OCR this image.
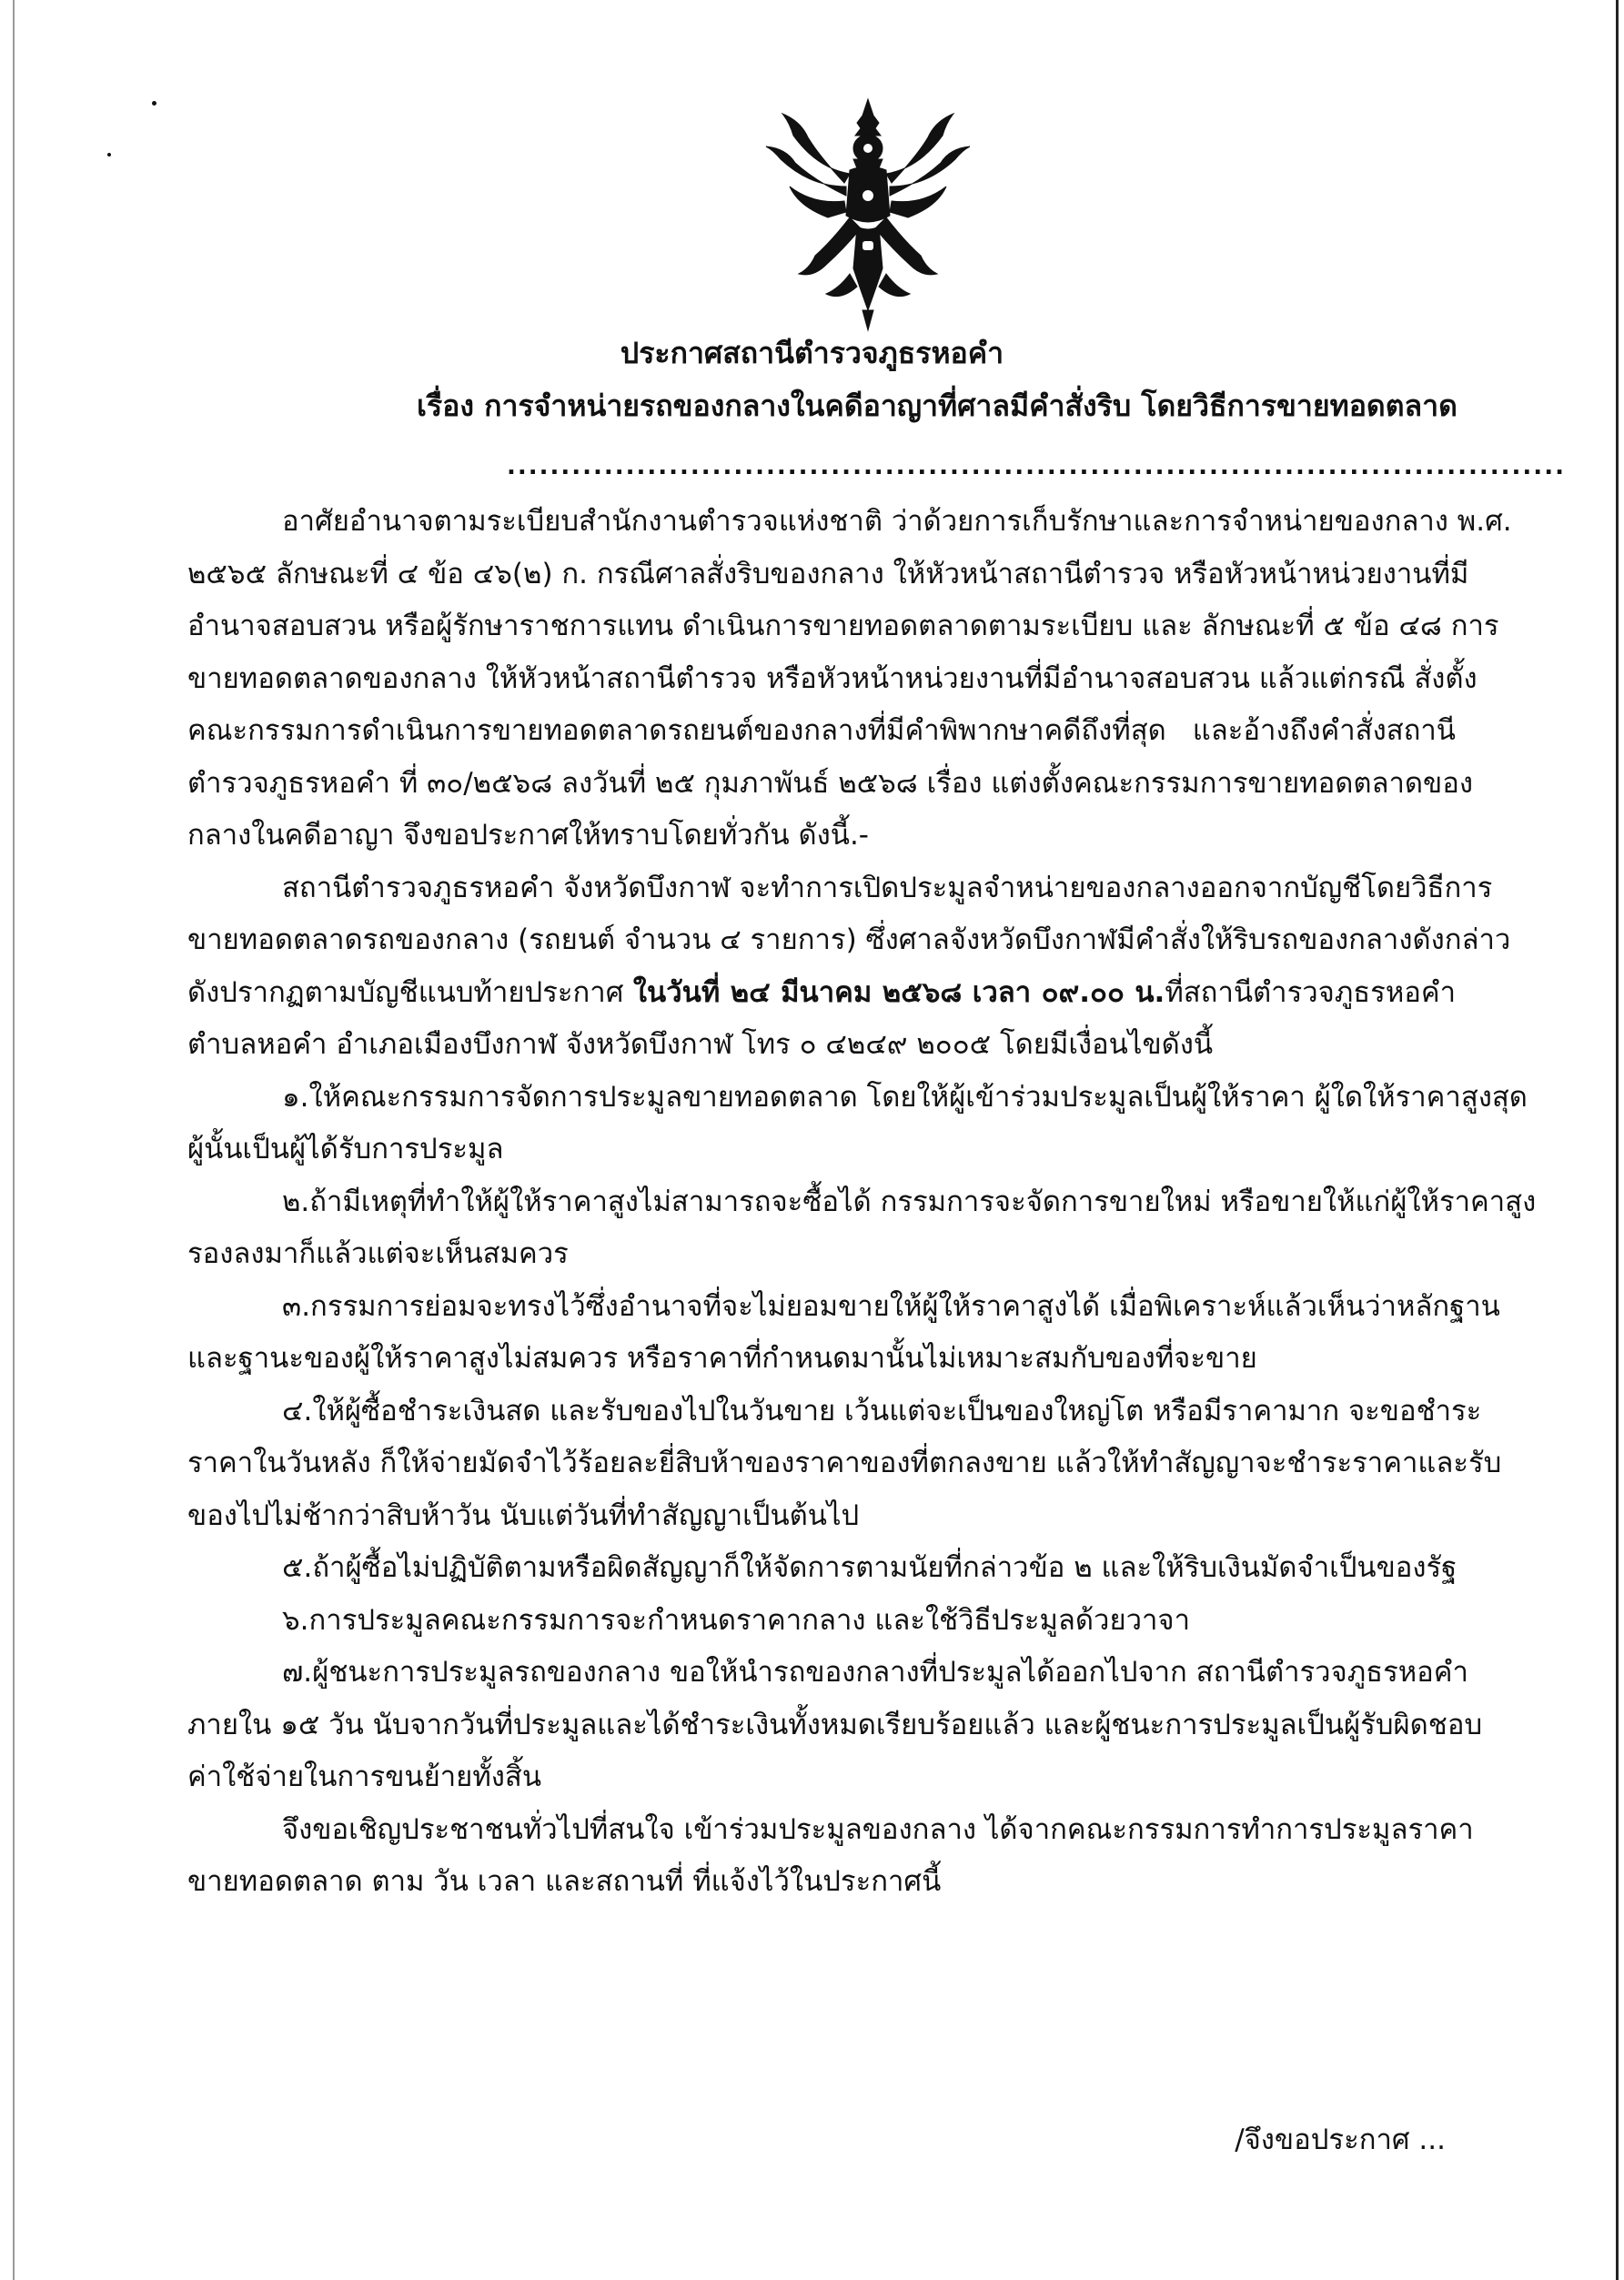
ประกาศสถานีตำรวจภูธรหอคำ
เรื่อง การจำหน่ายรถของกลางในคดีอาญาที่ศาลมีคำสั่งริบ โดยวิธีการขายทอดตลาด
..................................................................................................
อาศัยอำนาจตามระเบียบสำนักงานตำรวจแห่งชาติ ว่าด้วยการเก็บรักษาและการจำหน่ายของกลาง พ.ศ.
๒๕๖๕ ลักษณะที่ ๔ ข้อ ๔๖(๒) ก. กรณีศาลสั่งริบของกลาง ให้หัวหน้าสถานีตำรวจ หรือหัวหน้าหน่วยงานที่มี
อำนาจสอบสวน หรือผู้รักษาราชการแทน ดำเนินการขายทอดตลาดตามระเบียบ และ ลักษณะที่ ๕ ข้อ ๔๘ การ
ขายทอดตลาดของกลาง ให้หัวหน้าสถานีตำรวจ หรือหัวหน้าหน่วยงานที่มีอำนาจสอบสวน แล้วแต่กรณี สั่งตั้ง
คณะกรรมการดำเนินการขายทอดตลาดรถยนต์ของกลางที่มีคำพิพากษาคดีถึงที่สุด และอ้างถึงคำสั่งสถานี
ตำรวจภูธรหอคำ ที่ ๓๐/๒๕๖๘ ลงวันที่ ๒๕ กุมภาพันธ์ ๒๕๖๘ เรื่อง แต่งตั้งคณะกรรมการขายทอดตลาดของ
กลางในคดีอาญา จึงขอประกาศให้ทราบโดยทั่วกัน ดังนี้.-
สถานีตำรวจภูธรหอคำ จังหวัดบึงกาฬ จะทำการเปิดประมูลจำหน่ายของกลางออกจากบัญชีโดยวิธีการ
ขายทอดตลาดรถของกลาง (รถยนต์ จำนวน ๔ รายการ) ซึ่งศาลจังหวัดบึงกาฬมีคำสั่งให้ริบรถของกลางดังกล่าว
ดังปรากฏตามบัญชีแนบท้ายประกาศ ในวันที่ ๒๔ มีนาคม ๒๕๖๘ เวลา ๐๙.๐๐ น.ที่สถานีตำรวจภูธรหอคำ
ตำบลหอคำ อำเภอเมืองบึงกาฬ จังหวัดบึงกาฬ โทร ๐ ๔๒๔๙ ๒๐๐๕ โดยมีเงื่อนไขดังนี้
๑.ให้คณะกรรมการจัดการประมูลขายทอดตลาด โดยให้ผู้เข้าร่วมประมูลเป็นผู้ให้ราคา ผู้ใดให้ราคาสูงสุด
ผู้นั้นเป็นผู้ได้รับการประมูล
๒.ถ้ามีเหตุที่ทำให้ผู้ให้ราคาสูงไม่สามารถจะซื้อได้ กรรมการจะจัดการขายใหม่ หรือขายให้แก่ผู้ให้ราคาสูง
รองลงมาก็แล้วแต่จะเห็นสมควร
๓.กรรมการย่อมจะทรงไว้ซึ่งอำนาจที่จะไม่ยอมขายให้ผู้ให้ราคาสูงได้ เมื่อพิเคราะห์แล้วเห็นว่าหลักฐาน
และฐานะของผู้ให้ราคาสูงไม่สมควร หรือราคาที่กำหนดมานั้นไม่เหมาะสมกับของที่จะขาย
๔.ให้ผู้ซื้อชำระเงินสด และรับของไปในวันขาย เว้นแต่จะเป็นของใหญ่โต หรือมีราคามาก จะขอชำระ
ราคาในวันหลัง ก็ให้จ่ายมัดจำไว้ร้อยละยี่สิบห้าของราคาของที่ตกลงขาย แล้วให้ทำสัญญาจะชำระราคาและรับ
ของไปไม่ช้ากว่าสิบห้าวัน นับแต่วันที่ทำสัญญาเป็นต้นไป
๕.ถ้าผู้ซื้อไม่ปฏิบัติตามหรือผิดสัญญาก็ให้จัดการตามนัยที่กล่าวข้อ ๒ และให้ริบเงินมัดจำเป็นของรัฐ
๖.การประมูลคณะกรรมการจะกำหนดราคากลาง และใช้วิธีประมูลด้วยวาจา
๗.ผู้ชนะการประมูลรถของกลาง ขอให้นำรถของกลางที่ประมูลได้ออกไปจาก สถานีตำรวจภูธรหอคำ
ภายใน ๑๕ วัน นับจากวันที่ประมูลและได้ชำระเงินทั้งหมดเรียบร้อยแล้ว และผู้ชนะการประมูลเป็นผู้รับผิดชอบ
ค่าใช้จ่ายในการขนย้ายทั้งสิ้น
จึงขอเชิญประชาชนทั่วไปที่สนใจ เข้าร่วมประมูลของกลาง ได้จากคณะกรรมการทำการประมูลราคา
ขายทอดตลาด ตาม วัน เวลา และสถานที่ ที่แจ้งไว้ในประกาศนี้
/จึงขอประกาศ ...
